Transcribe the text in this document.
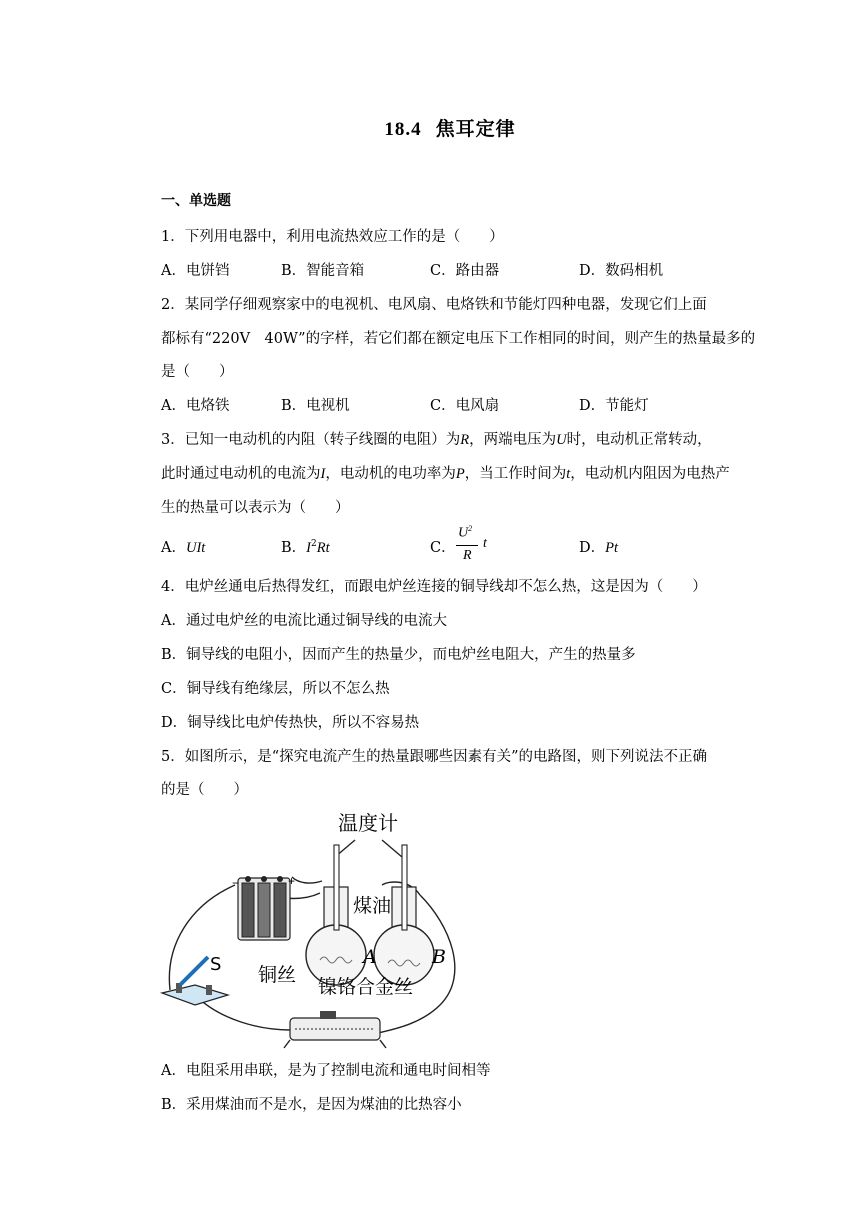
18.4 焦耳定律
一、单选题
1．下列用电器中，利用电流热效应工作的是（　　）
A．电饼铛	B．智能音箱	C．路由器	D．数码相机
2．某同学仔细观察家中的电视机、电风扇、电烙铁和节能灯四种电器，发现它们上面
都标有“220V　40W”的字样，若它们都在额定电压下工作相同的时间，则产生的热量最多的
是（　　）
A．电烙铁	B．电视机	C．电风扇	D．节能灯
3．已知一电动机的内阻（转子线圈的电阻）为R，两端电压为U时，电动机正常转动，
此时通过电动机的电流为I，电动机的电功率为P，当工作时间为t，电动机内阻因为电热产
生的热量可以表示为（　　）
A．UIt	B．$I^2Rt$	C．
$U^2$
R
t	D．Pt
4．电炉丝通电后热得发红，而跟电炉丝连接的铜导线却不怎么热，这是因为（　　）
A．通过电炉丝的电流比通过铜导线的电流大
B．铜导线的电阻小，因而产生的热量少，而电炉丝电阻大，产生的热量多
C．铜导线有绝缘层，所以不怎么热
D．铜导线比电炉传热快，所以不容易热
5．如图所示，是“探究电流产生的热量跟哪些因素有关”的电路图，则下列说法不正确
的是（　　）
−	+
温度计
煤油
铜丝
镍铬合金丝
A	B
S
A．电阻采用串联，是为了控制电流和通电时间相等
B．采用煤油而不是水，是因为煤油的比热容小
